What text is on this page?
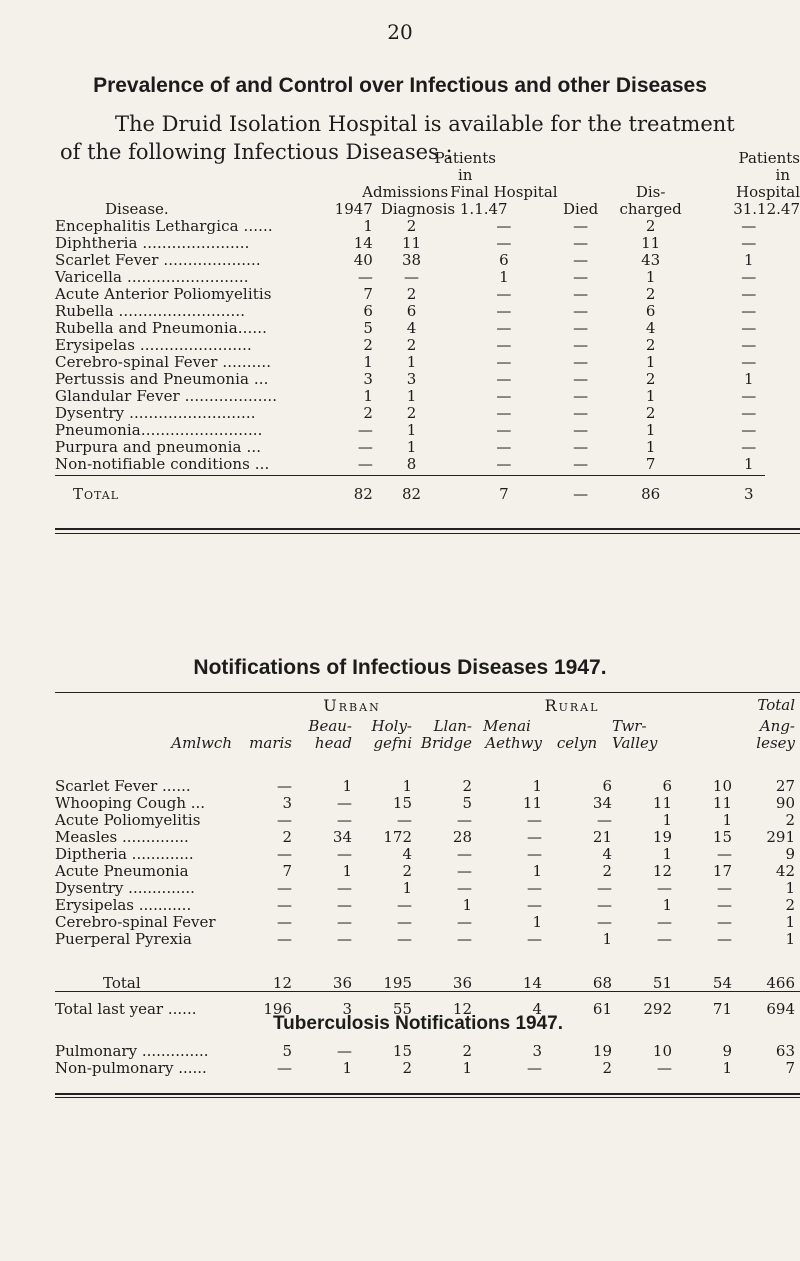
20
Prevalence of and Control over Infectious and other Diseases
The Druid Isolation Hospital is available for the treatment
of the following Infectious Diseases :
		Patients			Patients	
		in			in	
Admissions			Final Hospital		Dis-	Hospital
Disease.	1947	Diagnosis 1.1.47		Died	charged	31.12.47
Encephalitis Lethargica ......	1	2	—	—	2	—
Diphtheria ......................	14	11	—	—	11	—
Scarlet Fever ....................	40	38	6	—	43	1
Varicella .........................	—	—	1	—	1	—
Acute Anterior Poliomyelitis	7	2	—	—	2	—
Rubella ..........................	6	6	—	—	6	—
Rubella and Pneumonia......	5	4	—	—	4	—
Erysipelas .......................	2	2	—	—	2	—
Cerebro-spinal Fever ..........	1	1	—	—	1	—
Pertussis and Pneumonia ...	3	3	—	—	2	1
Glandular Fever ...................	1	1	—	—	1	—
Dysentry ..........................	2	2	—	—	2	—
Pneumonia.........................	—	1	—	—	1	—
Purpura and pneumonia ...	—	1	—	—	1	—
Non-notifiable conditions ...	—	8	—	—	7	1
Total	82	82	7	—	86	3
Notifications of Infectious Diseases 1947.
	Urban				Rural				Total
		Beau-	Holy-	Llan-	Menai		Twr-		Ang-
Amlwch	maris	head	gefni	Bridge	Aethwy	celyn	Valley		lesey

Scarlet Fever ......	—	1	1	2	1	6	6	10	27
Whooping Cough ...	3	—	15	5	11	34	11	11	90
Acute Poliomyelitis	—	—	—	—	—	—	1	1	2
Measles ..............	2	34	172	28	—	21	19	15	291
Diptheria .............	—	—	4	—	—	4	1	—	9
Acute Pneumonia	7	1	2	—	1	2	12	17	42
Dysentry ..............	—	—	1	—	—	—	—	—	1
Erysipelas ...........	—	—	—	1	—	—	1	—	2
Cerebro-spinal Fever	—	—	—	—	1	—	—	—	1
Puerperal Pyrexia	—	—	—	—	—	1	—	—	1

Total	12	36	195	36	14	68	51	54	466
Total last year ......	196	3	55	12	4	61	292	71	694
Tuberculosis Notifications 1947.
Pulmonary ..............	5	—	15	2	3	19	10	9	63
Non-pulmonary ......	—	1	2	1	—	2	—	1	7
